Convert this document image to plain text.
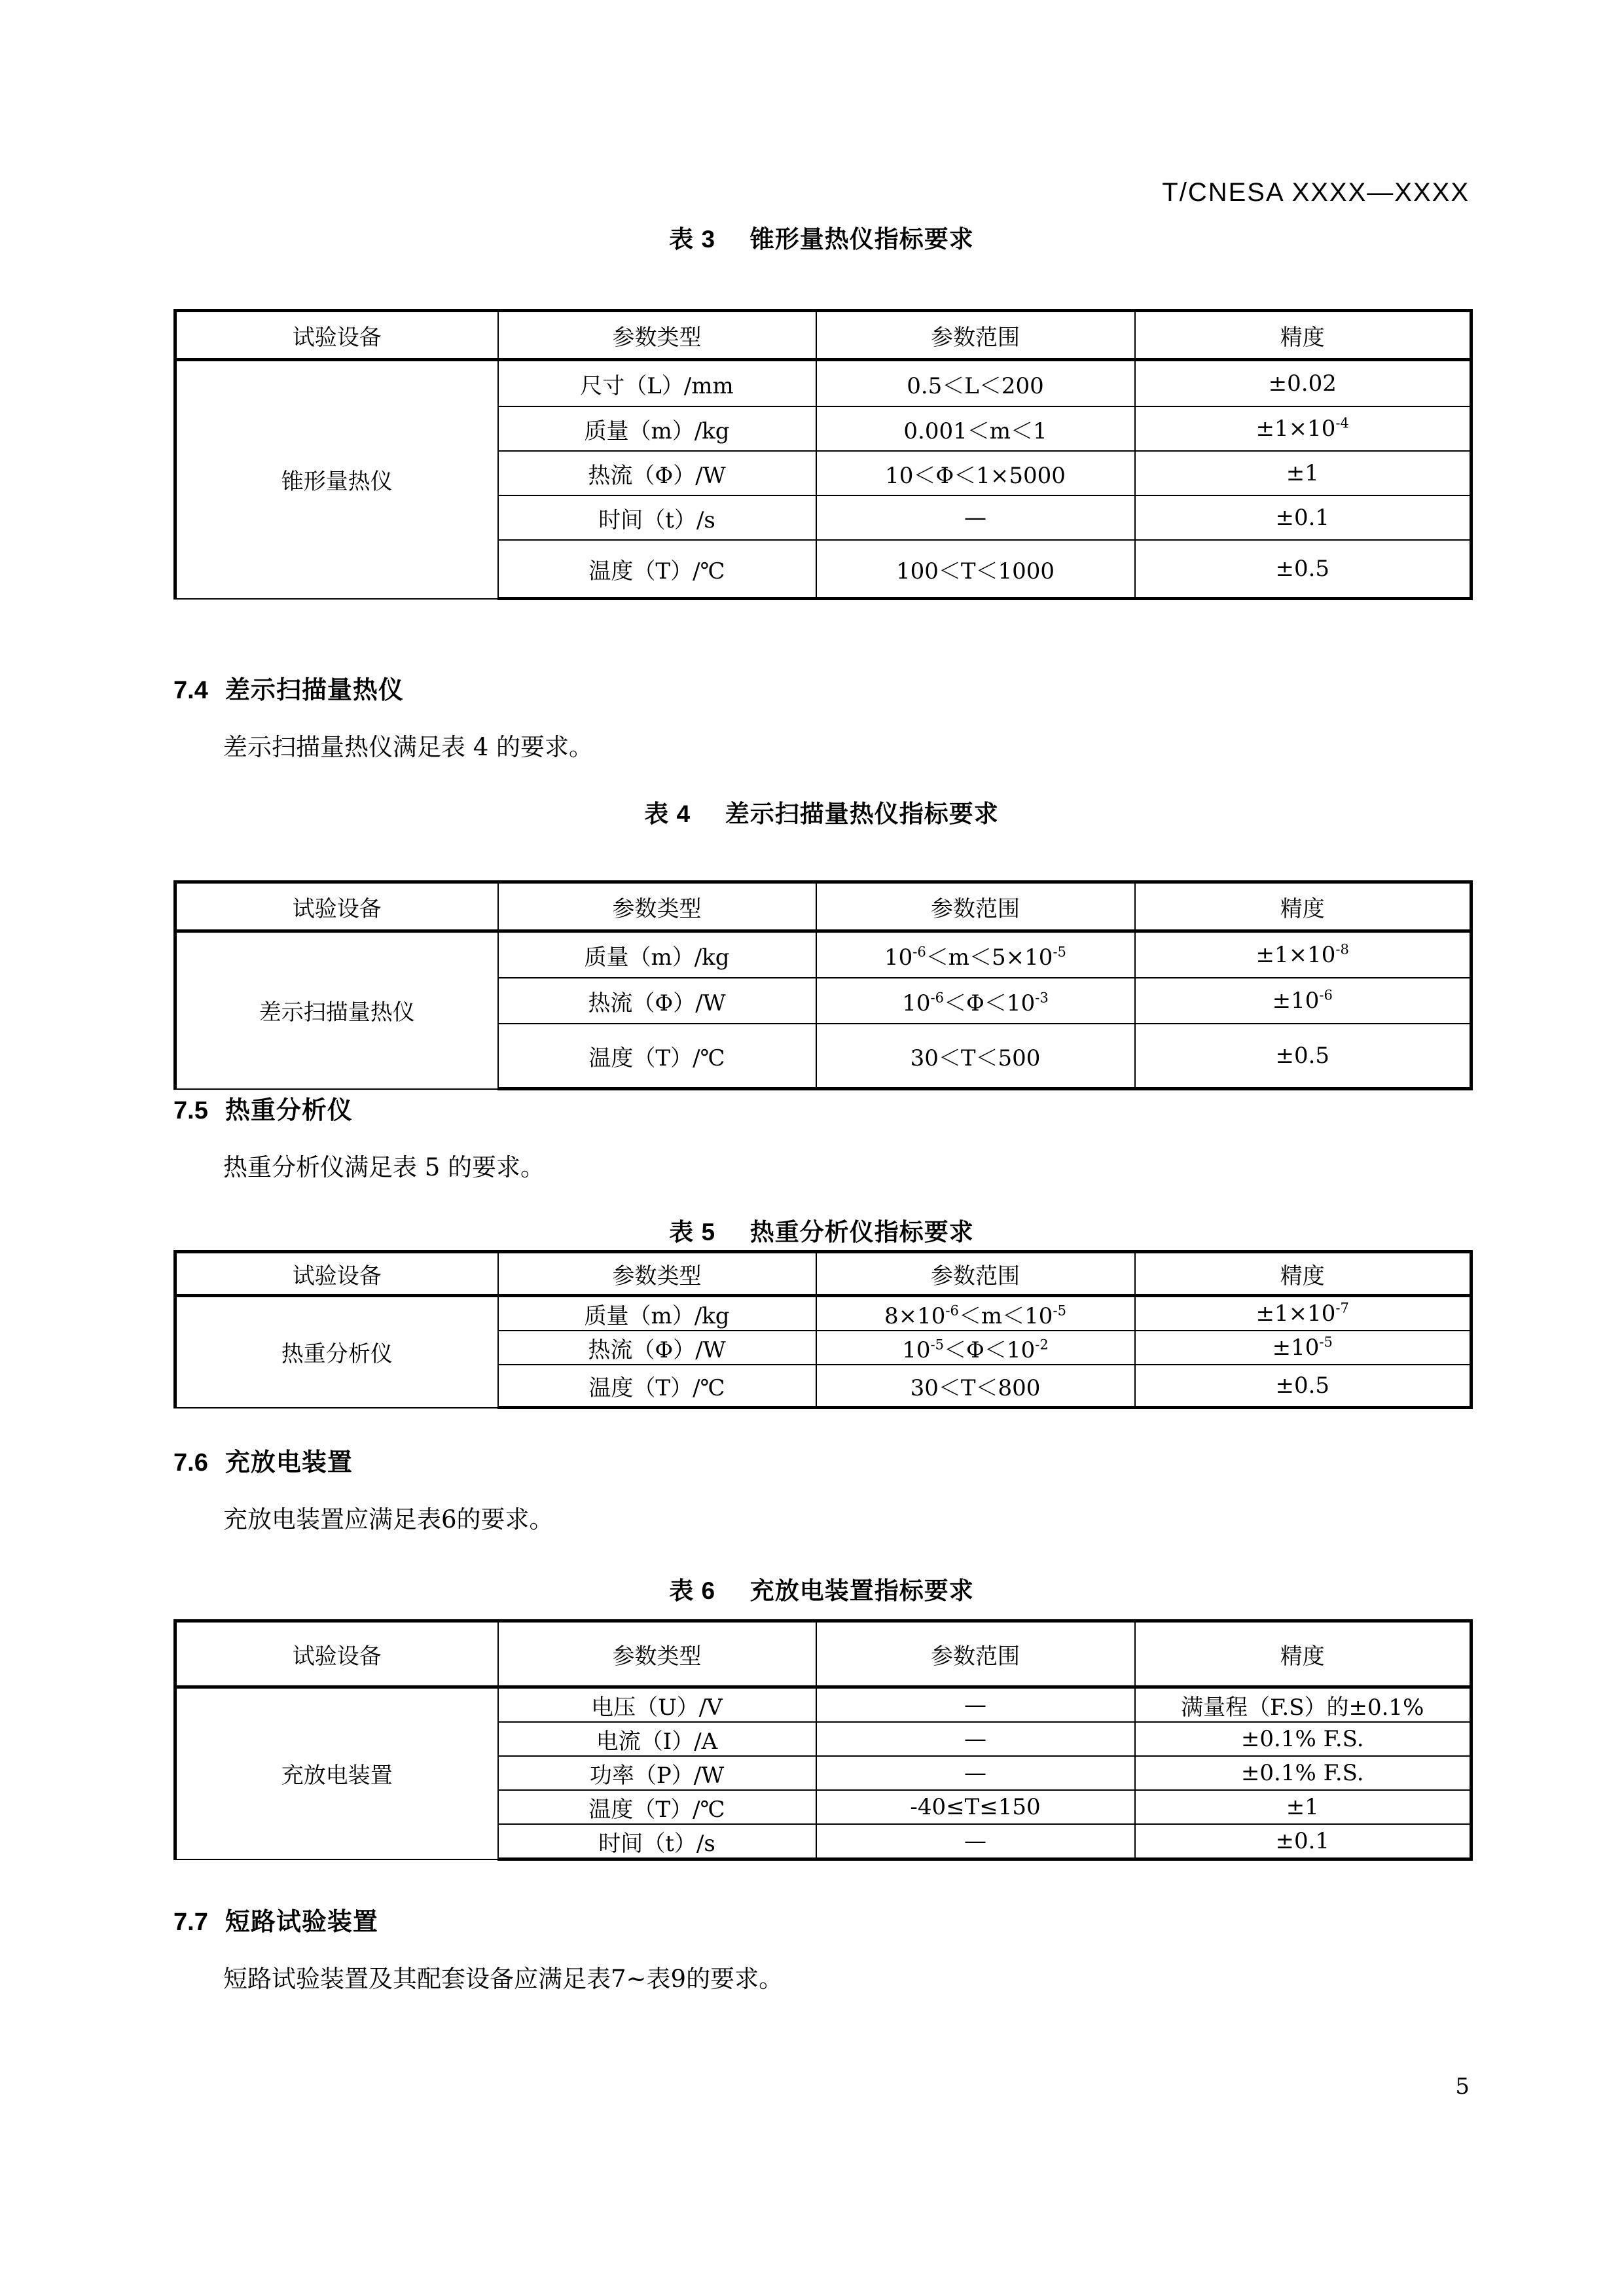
T/CNESA XXXX—XXXX
表 3 锥形量热仪指标要求
试验设备	参数类型	参数范围	精度
锥形量热仪	尺寸（L）/mm	0.5＜L＜200	±0.02
	质量（m）/kg	0.001＜m＜1	$\pm 1\times 10^{-4}$
	热流（Φ）/W	10＜Φ＜1×5000	±1
	时间（t）/s	—	±0.1
	温度（T）/℃	100＜T＜1000	±0.5
7.4 差示扫描量热仪
差示扫描量热仪满足表 4 的要求。
表 4 差示扫描量热仪指标要求
试验设备	参数类型	参数范围	精度
差示扫描量热仪	质量（m）/kg	$10^{-6}<m<5\times 10^{-5}$	$\pm 1\times 10^{-8}$
	热流（Φ）/W	$10^{-6}<\Phi<10^{-3}$	$\pm 10^{-6}$
	温度（T）/℃	30＜T＜500	±0.5
7.5 热重分析仪
热重分析仪满足表 5 的要求。
表 5 热重分析仪指标要求
试验设备	参数类型	参数范围	精度
热重分析仪	质量（m）/kg	$8\times 10^{-6}<m<10^{-5}$	$\pm 1\times 10^{-7}$
	热流（Φ）/W	$10^{-5}<\Phi<10^{-2}$	$\pm 10^{-5}$
	温度（T）/℃	30＜T＜800	±0.5
7.6 充放电装置
充放电装置应满足表6的要求。
表 6 充放电装置指标要求
试验设备	参数类型	参数范围	精度
充放电装置	电压（U）/V	—	满量程（F.S）的±0.1%
	电流（I）/A	—	±0.1% F.S.
	功率（P）/W	—	±0.1% F.S.
	温度（T）/℃	-40≤T≤150	±1
	时间（t）/s	—	±0.1
7.7 短路试验装置
短路试验装置及其配套设备应满足表7~表9的要求。
5
